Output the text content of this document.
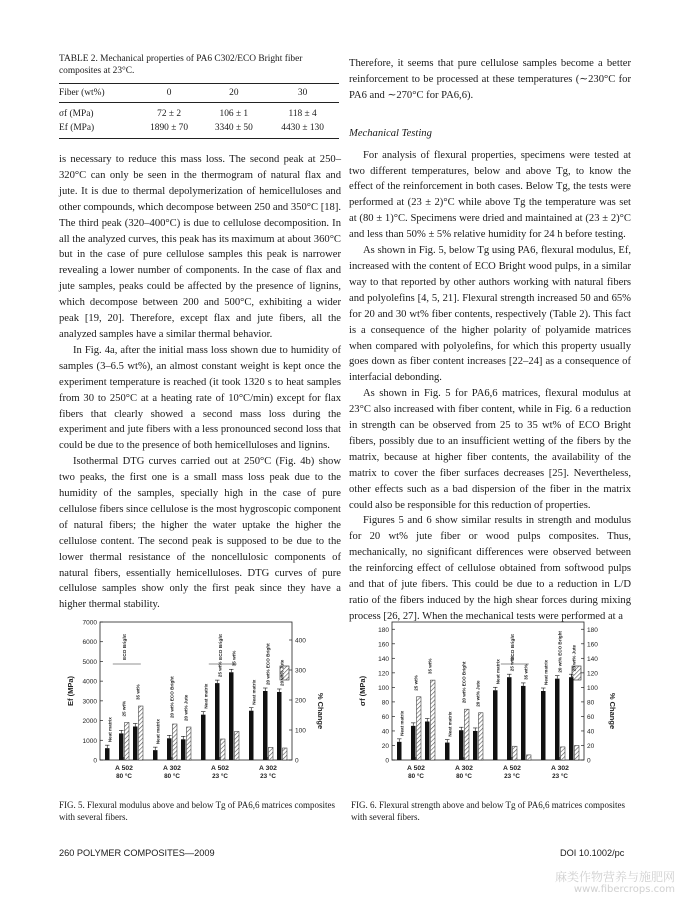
TABLE 2. Mechanical properties of PA6 C302/ECO Bright fiber composites at 23°C.

Fiber (wt%)	0	20	30
σf (MPa)	72 ± 2	106 ± 1	118 ± 4
Ef (MPa)	1890 ± 70	3340 ± 50	4430 ± 130

is necessary to reduce this mass loss. The second peak at 250–320°C can only be seen in the thermogram of natural flax and jute. It is due to thermal depolymerization of hemicelluloses and other compounds, which decompose between 250 and 350°C [18]. The third peak (320–400°C) is due to cellulose decomposition. In all the analyzed curves, this peak has its maximum at about 360°C but in the case of pure cellulose samples this peak is narrower revealing a lower number of components. In the case of flax and jute samples, peaks could be affected by the presence of lignins, which decompose between 200 and 500°C, exhibiting a wider peak [19, 20]. Therefore, except flax and jute fibers, all the analyzed samples have a similar thermal behavior.

In Fig. 4a, after the initial mass loss shown due to humidity of samples (3–6.5 wt%), an almost constant weight is kept once the experiment temperature is reached (it took 1320 s to heat samples from 30 to 250°C at a heating rate of 10°C/min) except for flax fibers that clearly showed a second mass loss during the experiment and jute fibers with a less pronounced second loss that could be due to the presence of both hemicelluloses and lignins.

Isothermal DTG curves carried out at 250°C (Fig. 4b) show two peaks, the first one is a small mass loss peak due to the humidity of the samples, specially high in the case of pure cellulose fibers since cellulose is the most hygroscopic component of natural fibers; the higher the water uptake the higher the cellulose content. The second peak is supposed to be due to the lower thermal resistance of the noncellulosic components of natural fibers, essentially hemicelluloses. DTG curves of pure cellulose samples show only the first peak since they have a higher thermal stability.

Therefore, it seems that pure cellulose samples become a better reinforcement to be processed at these temperatures (∼230°C for PA6 and ∼270°C for PA6,6).

Mechanical Testing

For analysis of flexural properties, specimens were tested at two different temperatures, below and above Tg, to know the effect of the reinforcement in both cases. Below Tg, the tests were performed at (23 ± 2)°C while above Tg the temperature was set at (80 ± 1)°C. Specimens were dried and maintained at (23 ± 2)°C and less than 50% ± 5% relative humidity for 24 h before testing.

As shown in Fig. 5, below Tg using PA6, flexural modulus, Ef, increased with the content of ECO Bright wood pulps, in a similar way to that reported by other authors working with natural fibers and polyolefins [4, 5, 21]. Flexural strength increased 50 and 65% for 20 and 30 wt% fiber contents, respectively (Table 2). This fact is a consequence of the higher polarity of polyamide matrices when compared with polyolefins, for which this property usually goes down as fiber content increases [22–24] as a consequence of interfacial debonding.

As shown in Fig. 5 for PA6,6 matrices, flexural modulus at 23°C also increased with fiber content, while in Fig. 6 a reduction in strength can be observed from 25 to 35 wt% of ECO Bright fibers, possibly due to an insufficient wetting of the fibers by the matrix, because at higher fiber contents, the availability of the matrix to cover the fiber surfaces decreases [25]. Nevertheless, other effects such as a bad dispersion of the fiber in the matrix could also be responsible for this reduction of properties.

Figures 5 and 6 show similar results in strength and modulus for 20 wt% jute fiber or wood pulps composites. Thus, mechanically, no significant differences were observed between the reinforcing effect of cellulose obtained from softwood pulps and that of jute fibers. This could be due to a reduction in L/D ratio of the fibers induced by the high shear forces during mixing process [26, 27]. When the mechanical tests were performed at a

0
1000
2000
3000
4000
5000
6000
7000
0
100
200
300
400
Ef (MPa)
% Change
Neat matrix
25 wt%
35 wt%
ECO Bright
A 502
80 °C
Neat matrix
20 wt% ECO Bright 20 wt% Jute
A 302
80 °C
Neat matrix
25 wt%
35 wt%
ECO Bright
A 502
23 °C
Neat matrix
20 wt% ECO Bright 20 wt% Jute
A 302
23 °C
0
20
40
60
80
100
120
140
160
180
0
20
40
60
80
100
120
140
160
180
σf (MPa)
% Change
Neat matrix
25 wt%
35 wt%
A 502
80 °C
Neat matrix
20 wt% ECO Bright 20 wt% Jute
A 302
80 °C
Neat matrix 25 wt%
35 wt%
ECO Bright
A 502
23 °C
Neat matrix 20 wt% ECO Bright 20 wt% Jute
A 302
23 °C
FIG. 5. Flexural modulus above and below Tg of PA6,6 matrices composites with several fibers.
FIG. 6. Flexural strength above and below Tg of PA6,6 matrices composites with several fibers.
260 POLYMER COMPOSITES—2009	DOI 10.1002/pc
麻类作物营养与施肥网
www.fibercrops.com
